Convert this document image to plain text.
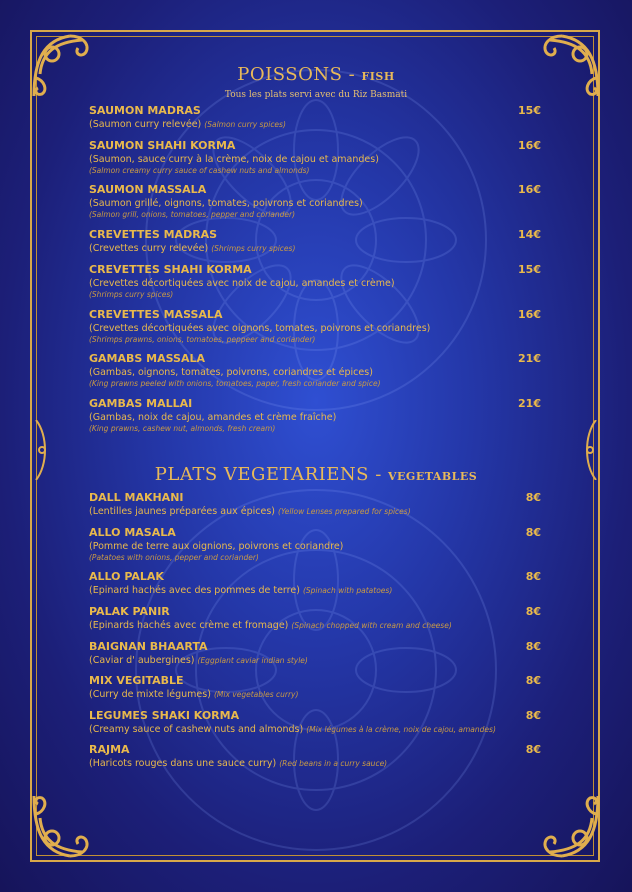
POISSONS - FISH
Tous les plats servi avec du Riz Basmati
SAUMON MADRAS	15€
(Saumon curry relevée) (Salmon curry spices)
SAUMON SHAHI KORMA	16€
(Saumon, sauce curry à la crème, noix de cajou et amandes)
(Salmon creamy curry sauce of cashew nuts and almonds)
SAUMON MASSALA	16€
(Saumon grillé, oignons, tomates, poivrons et coriandres)
(Salmon grill, onions, tomatoes, pepper and coriander)
CREVETTES MADRAS	14€
(Crevettes curry relevée) (Shrimps curry spices)
CREVETTES SHAHI KORMA	15€
(Crevettes décortiquées avec noix de cajou, amandes et crème)
(Shrimps curry spices)
CREVETTES MASSALA	16€
(Crevettes décortiquées avec oignons, tomates, poivrons et coriandres)
(Shrimps prawns, onions, tomatoes, peppeer and coriander)
GAMABS MASSALA	21€
(Gambas, oignons, tomates, poivrons, coriandres et épices)
(King prawns peeled with onions, tomatoes, paper, fresh coriander and spice)
GAMBAS MALLAI	21€
(Gambas, noix de cajou, amandes et crème fraîche)
(King prawns, cashew nut, almonds, fresh cream)
PLATS VEGETARIENS - VEGETABLES
DALL MAKHANI	8€
(Lentilles jaunes préparées aux épices) (Yellow Lenses prepared for spices)
ALLO MASALA	8€
(Pomme de terre aux oignions, poivrons et coriandre)
(Patatoes with onions, pepper and coriander)
ALLO PALAK	8€
(Epinard hachés avec des pommes de terre) (Spinach with patatoes)
PALAK PANIR	8€
(Epinards hachés avec crème et fromage) (Spinach chopped with cream and cheese)
BAIGNAN BHAARTA	8€
(Caviar d' aubergines) (Eggplant caviar indian style)
MIX VEGITABLE	8€
(Curry de mixte légumes) (Mix vegetables curry)
LEGUMES SHAKI KORMA	8€
(Creamy sauce of cashew nuts and almonds) (Mix légumes à la crème, noix de cajou, amandes)
RAJMA	8€
(Haricots rouges dans une sauce curry) (Red beans in a curry sauce)
